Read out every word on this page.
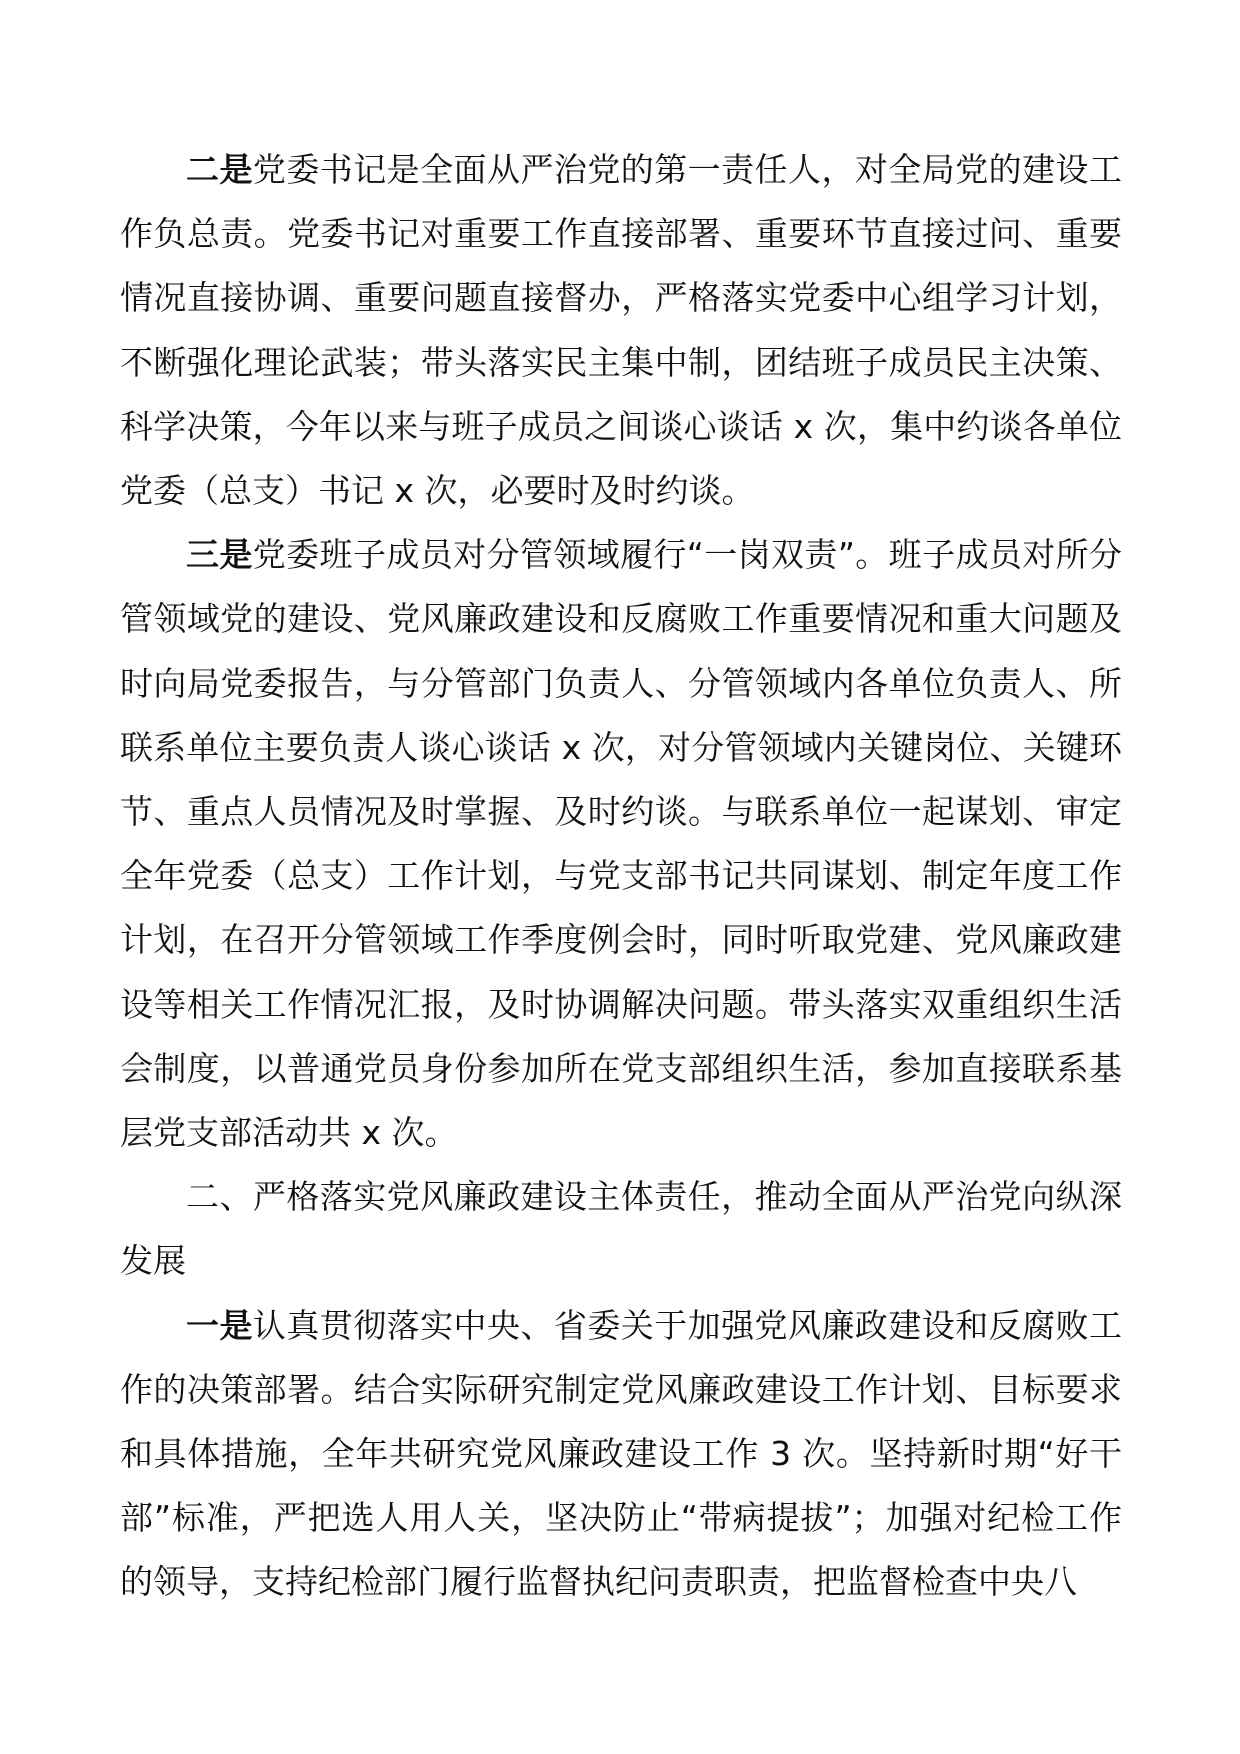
二是党委书记是全面从严治党的第一责任人，对全局党的建设工作负总责。党委书记对重要工作直接部署、重要环节直接过问、重要情况直接协调、重要问题直接督办，严格落实党委中心组学习计划，不断强化理论武装；带头落实民主集中制，团结班子成员民主决策、科学决策，今年以来与班子成员之间谈心谈话 x 次，集中约谈各单位党委（总支）书记 x 次，必要时及时约谈。

三是党委班子成员对分管领域履行“一岗双责”。班子成员对所分管领域党的建设、党风廉政建设和反腐败工作重要情况和重大问题及时向局党委报告，与分管部门负责人、分管领域内各单位负责人、所联系单位主要负责人谈心谈话 x 次，对分管领域内关键岗位、关键环节、重点人员情况及时掌握、及时约谈。与联系单位一起谋划、审定全年党委（总支）工作计划，与党支部书记共同谋划、制定年度工作计划，在召开分管领域工作季度例会时，同时听取党建、党风廉政建设等相关工作情况汇报，及时协调解决问题。带头落实双重组织生活会制度，以普通党员身份参加所在党支部组织生活，参加直接联系基层党支部活动共 x 次。

二、严格落实党风廉政建设主体责任，推动全面从严治党向纵深发展

一是认真贯彻落实中央、省委关于加强党风廉政建设和反腐败工作的决策部署。结合实际研究制定党风廉政建设工作计划、目标要求和具体措施，全年共研究党风廉政建设工作 3 次。坚持新时期“好干部”标准，严把选人用人关，坚决防止“带病提拔”；加强对纪检工作的领导，支持纪检部门履行监督执纪问责职责，把监督检查中央八
